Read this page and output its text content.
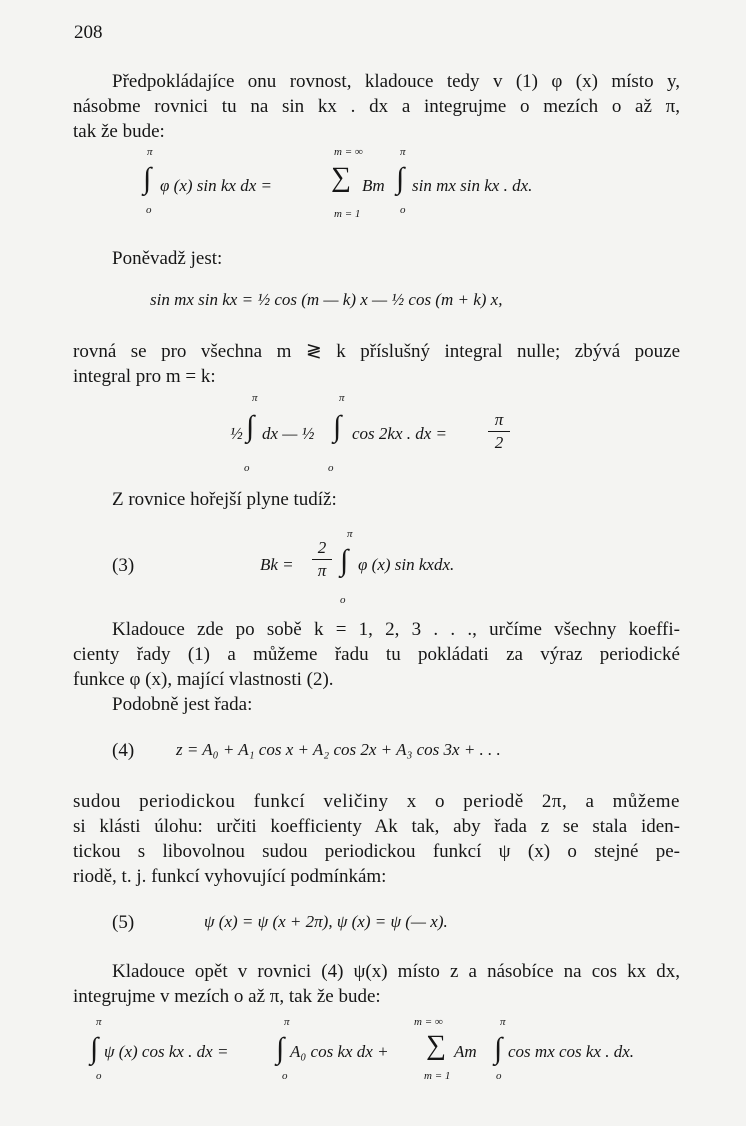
208
Předpokládajíce onu rovnost, kladouce tedy v (1) φ (x) místo y,
násobme rovnici tu na sin kx . dx a integrujme o mezích o až π,
tak že bude:
π
∫
o
φ (x) sin kx dx =
m = ∞
∑
m = 1
Bm
π
∫
o
sin mx sin kx . dx.
Poněvadž jest:
sin mx sin kx = ½ cos (m — k) x — ½ cos (m + k) x,
rovná se pro všechna m ≷ k příslušný integral nulle; zbývá pouze
integral pro m = k:
½
π
∫
o
dx — ½
π
∫
o
cos 2kx . dx =
π
2
Z rovnice hořejší plyne tudíž:
(3)	Bk =
2
π
π
∫
o
φ (x) sin kxdx.
Kladouce zde po sobě k = 1, 2, 3 . . ., určíme všechny koeffi-
cienty řady (1) a můžeme řadu tu pokládati za výraz periodické
funkce φ (x), mající vlastnosti (2).
Podobně jest řada:
(4) z = A₀ + A₁ cos x + A₂ cos 2x + A₃ cos 3x + . . .
sudou periodickou funkcí veličiny x o periodě 2π, a můžeme
si klásti úlohu: určiti koefficienty Ak tak, aby řada z se stala iden-
tickou s libovolnou sudou periodickou funkcí ψ (x) o stejné pe-
riodě, t. j. funkcí vyhovující podmínkám:
(5)	ψ (x) = ψ (x + 2π), ψ (x) = ψ (— x).
Kladouce opět v rovnici (4) ψ(x) místo z a násobíce na cos kx dx,
integrujme v mezích o až π, tak že bude:
π
∫
o
ψ (x) cos kx . dx =
π
∫
o
A₀ cos kx dx +
m = ∞
∑
m = 1
Am
π
∫
o
cos mx cos kx . dx.
